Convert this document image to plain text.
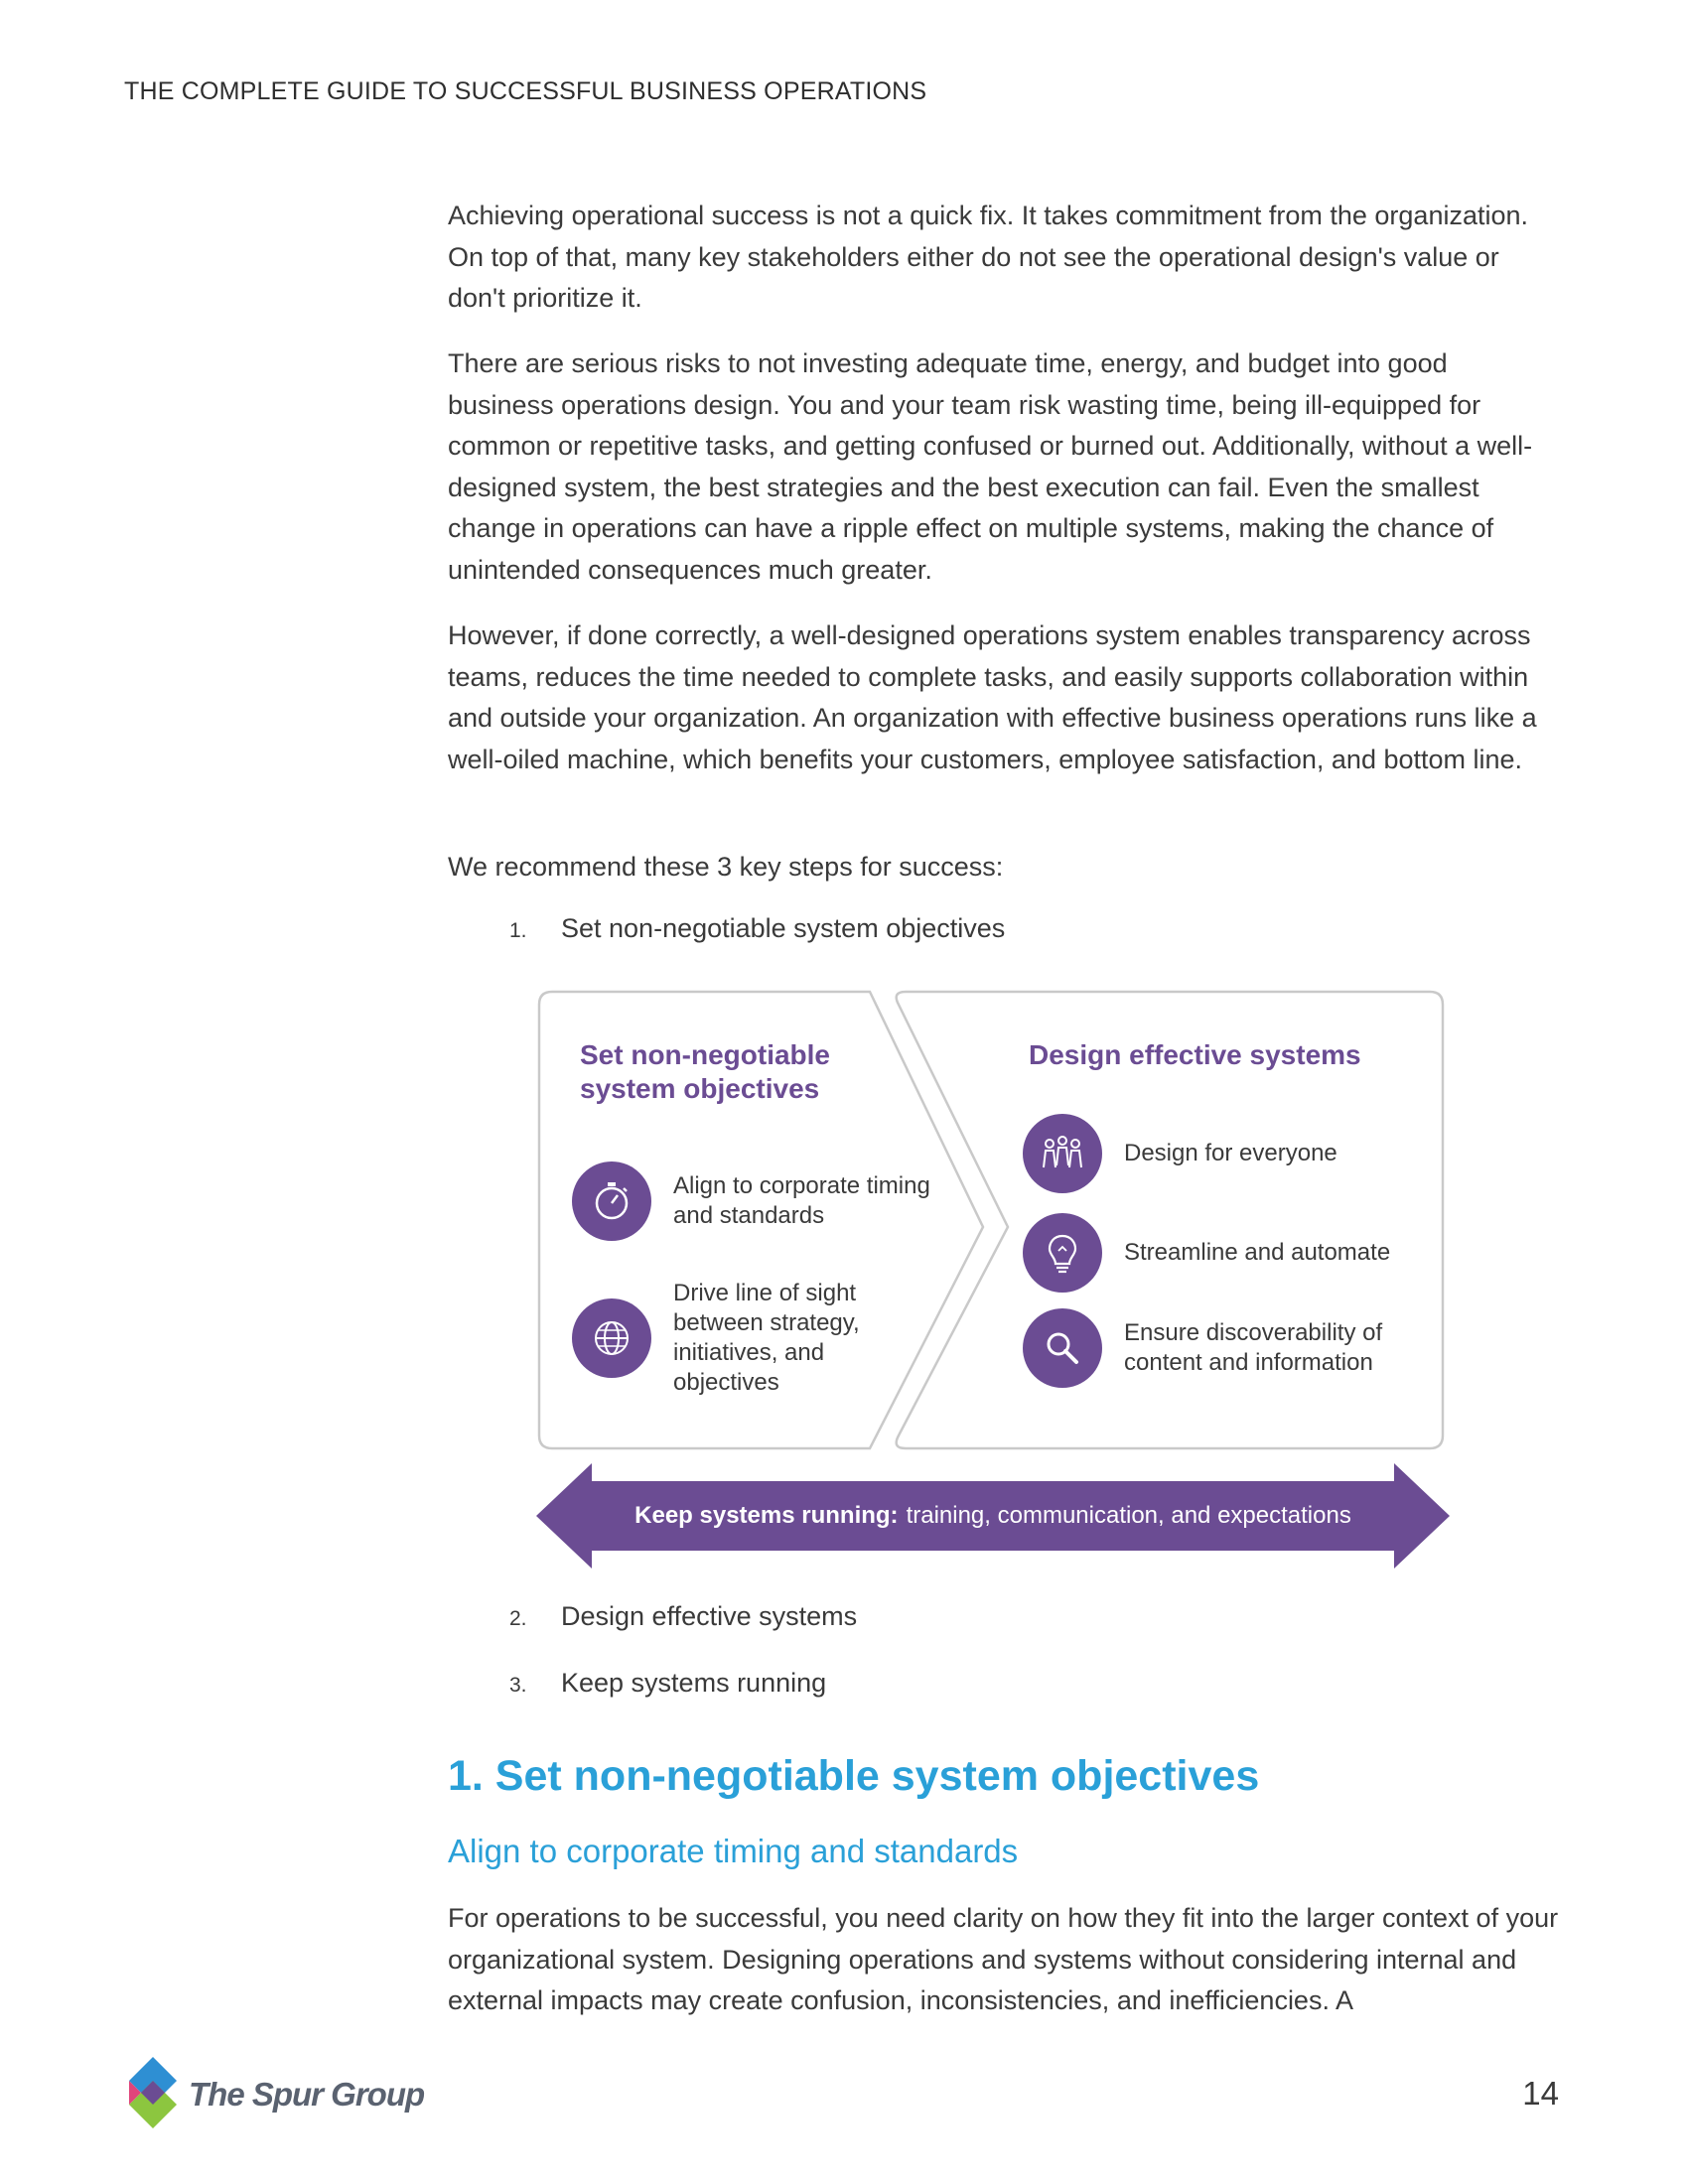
THE COMPLETE GUIDE TO SUCCESSFUL BUSINESS OPERATIONS

Achieving operational success is not a quick fix. It takes commitment from the organization. On top of that, many key stakeholders either do not see the operational design's value or don't prioritize it.

There are serious risks to not investing adequate time, energy, and budget into good business operations design. You and your team risk wasting time, being ill-equipped for common or repetitive tasks, and getting confused or burned out. Additionally, without a well-designed system, the best strategies and the best execution can fail. Even the smallest change in operations can have a ripple effect on multiple systems, making the chance of unintended consequences much greater.

However, if done correctly, a well-designed operations system enables transparency across teams, reduces the time needed to complete tasks, and easily supports collaboration within and outside your organization. An organization with effective business operations runs like a well-oiled machine, which benefits your customers, employee satisfaction, and bottom line.

We recommend these 3 key steps for success:

1. Set non-negotiable system objectives
Set non-negotiable system objectives
Align to corporate timing and standards
Drive line of sight between strategy, initiatives, and objectives
Design effective systems
Design for everyone
Streamline and automate
Ensure discoverability of content and information
Keep systems running: training, communication, and expectations
2. Design effective systems
3. Keep systems running
1. Set non-negotiable system objectives
Align to corporate timing and standards

For operations to be successful, you need clarity on how they fit into the larger context of your organizational system. Designing operations and systems without considering internal and external impacts may create confusion, inconsistencies, and inefficiencies. A

The Spur Group	14
